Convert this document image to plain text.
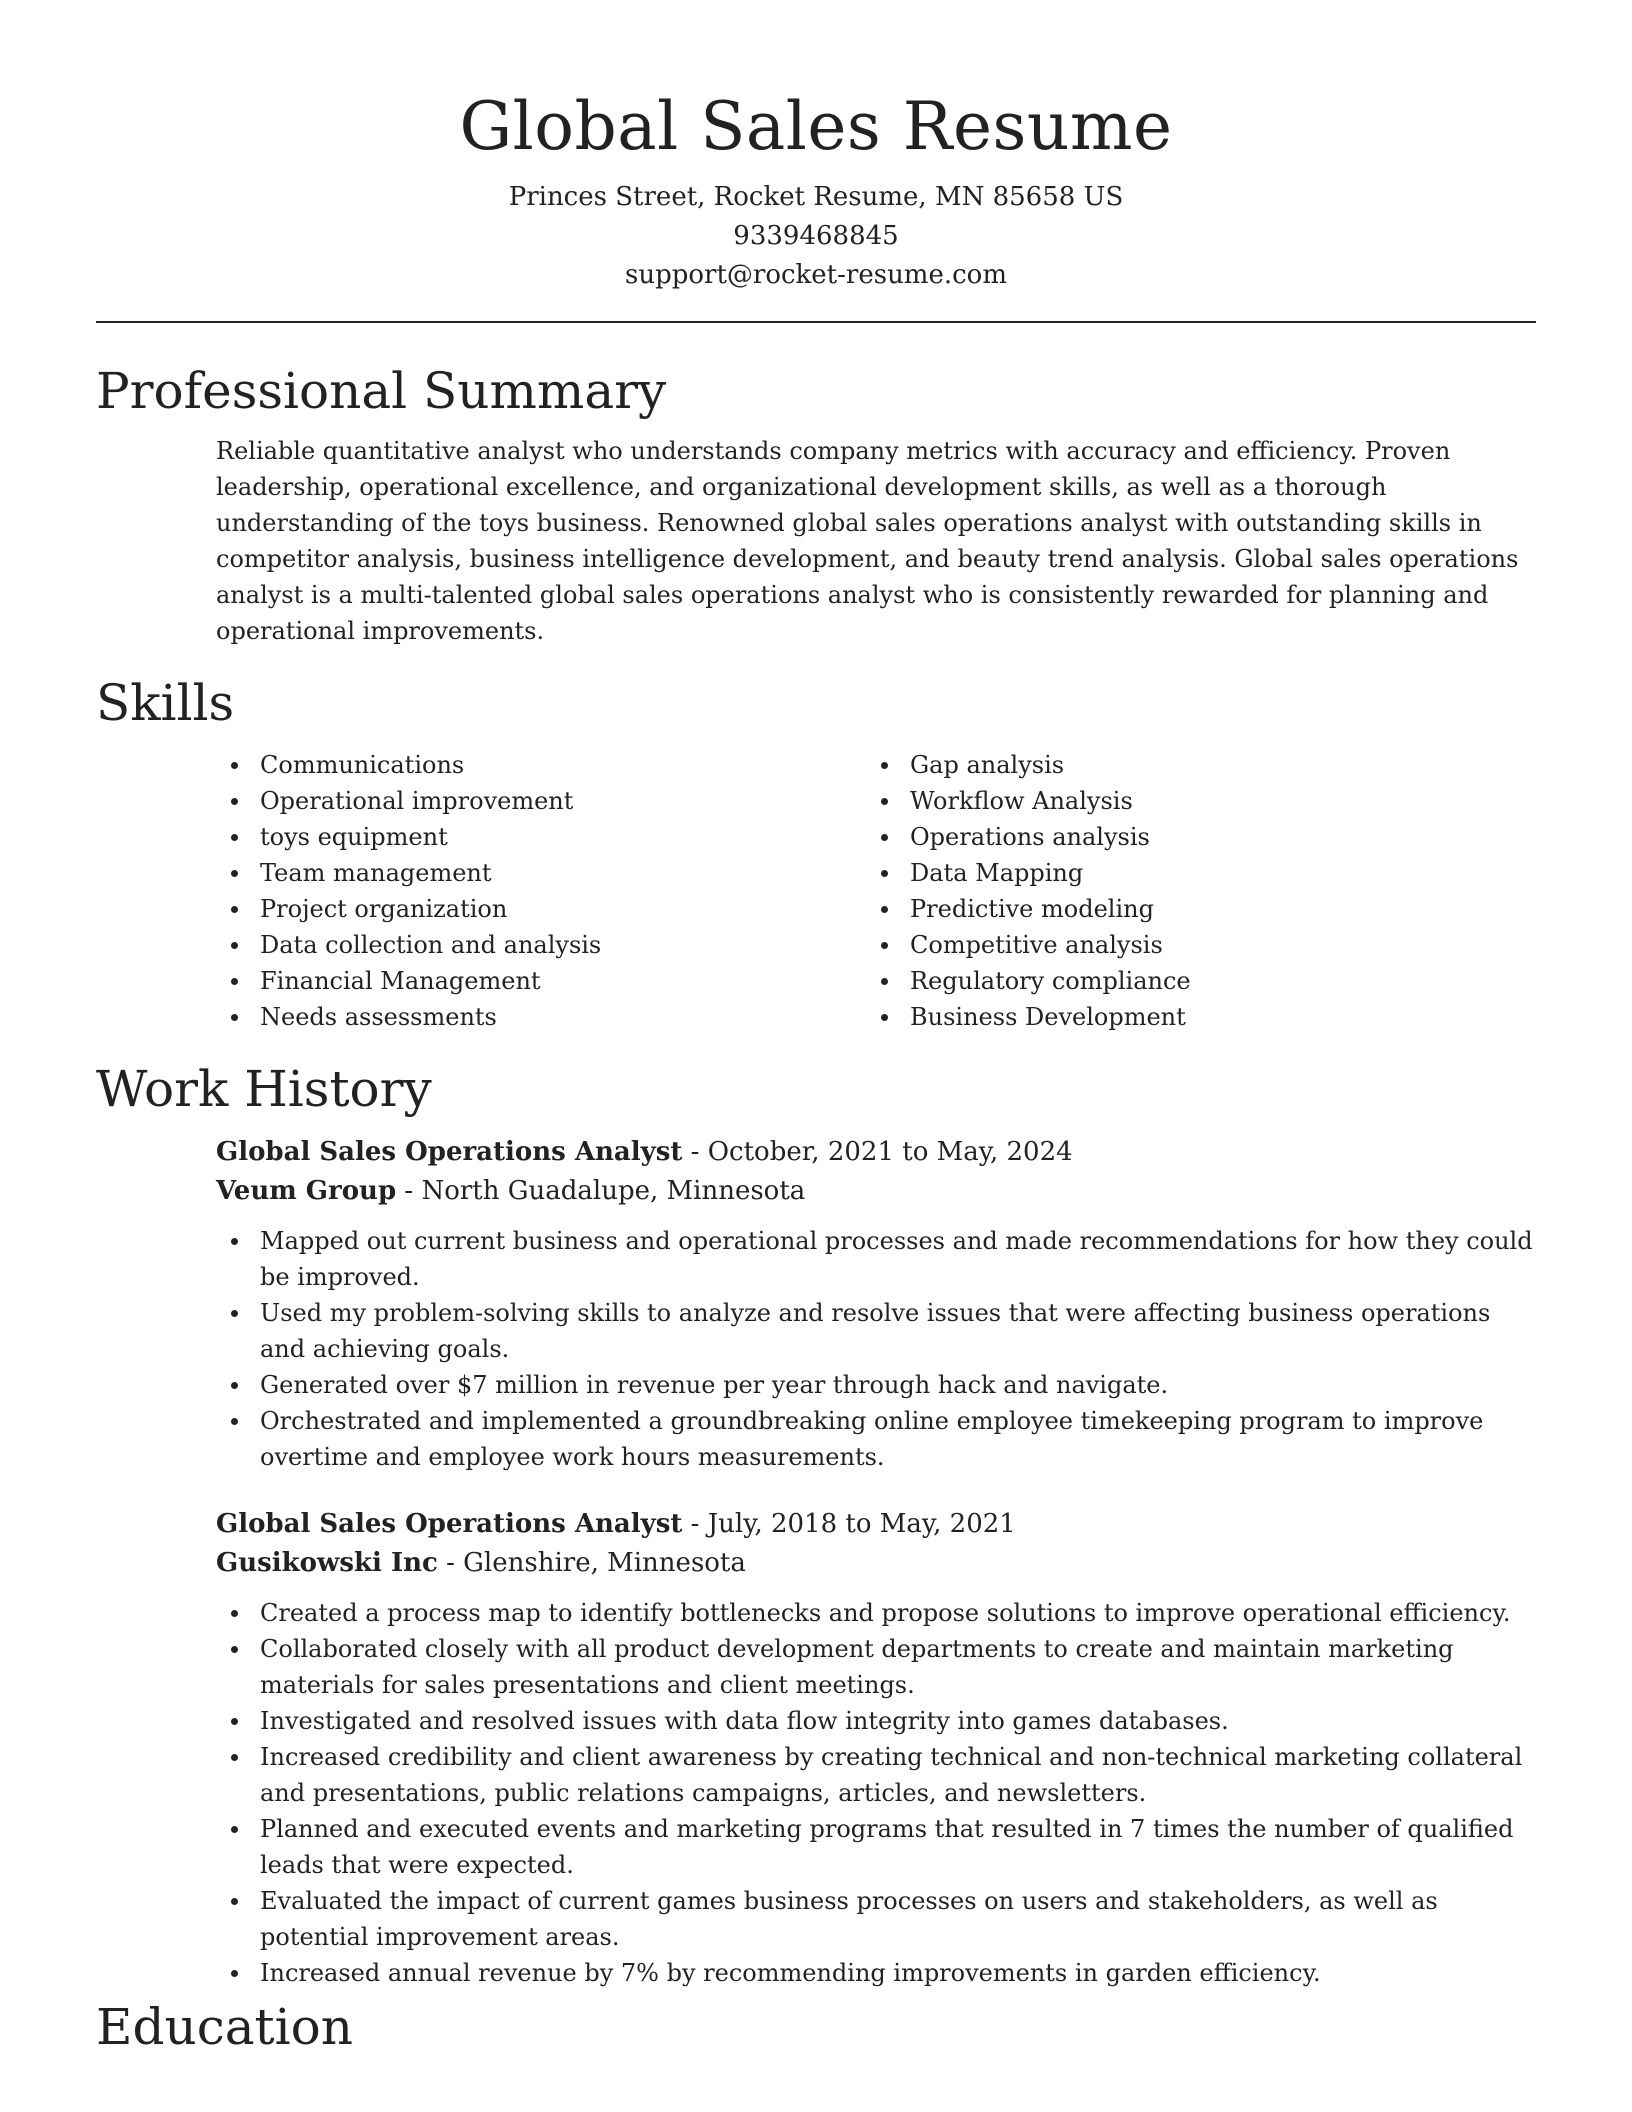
Global Sales Resume

Princes Street, Rocket Resume, MN 85658 US

9339468845

support@rocket-resume.com

Professional Summary

Reliable quantitative analyst who understands company metrics with accuracy and efficiency. Proven leadership, operational excellence, and organizational development skills, as well as a thorough understanding of the toys business. Renowned global sales operations analyst with outstanding skills in competitor analysis, business intelligence development, and beauty trend analysis. Global sales operations analyst is a multi-talented global sales operations analyst who is consistently rewarded for planning and operational improvements.

Skills
Communications
Operational improvement
toys equipment
Team management
Project organization
Data collection and analysis
Financial Management
Needs assessments
Gap analysis
Workflow Analysis
Operations analysis
Data Mapping
Predictive modeling
Competitive analysis
Regulatory compliance
Business Development
Work History

Global Sales Operations Analyst - October, 2021 to May, 2024

Veum Group - North Guadalupe, Minnesota

Mapped out current business and operational processes and made recommendations for how they could be improved.
Used my problem-solving skills to analyze and resolve issues that were affecting business operations and achieving goals.
Generated over $7 million in revenue per year through hack and navigate.
Orchestrated and implemented a groundbreaking online employee timekeeping program to improve overtime and employee work hours measurements.

Global Sales Operations Analyst - July, 2018 to May, 2021

Gusikowski Inc - Glenshire, Minnesota

Created a process map to identify bottlenecks and propose solutions to improve operational efficiency.
Collaborated closely with all product development departments to create and maintain marketing materials for sales presentations and client meetings.
Investigated and resolved issues with data flow integrity into games databases.
Increased credibility and client awareness by creating technical and non-technical marketing collateral and presentations, public relations campaigns, articles, and newsletters.
Planned and executed events and marketing programs that resulted in 7 times the number of qualified leads that were expected.
Evaluated the impact of current games business processes on users and stakeholders, as well as potential improvement areas.
Increased annual revenue by 7% by recommending improvements in garden efficiency.
Education
